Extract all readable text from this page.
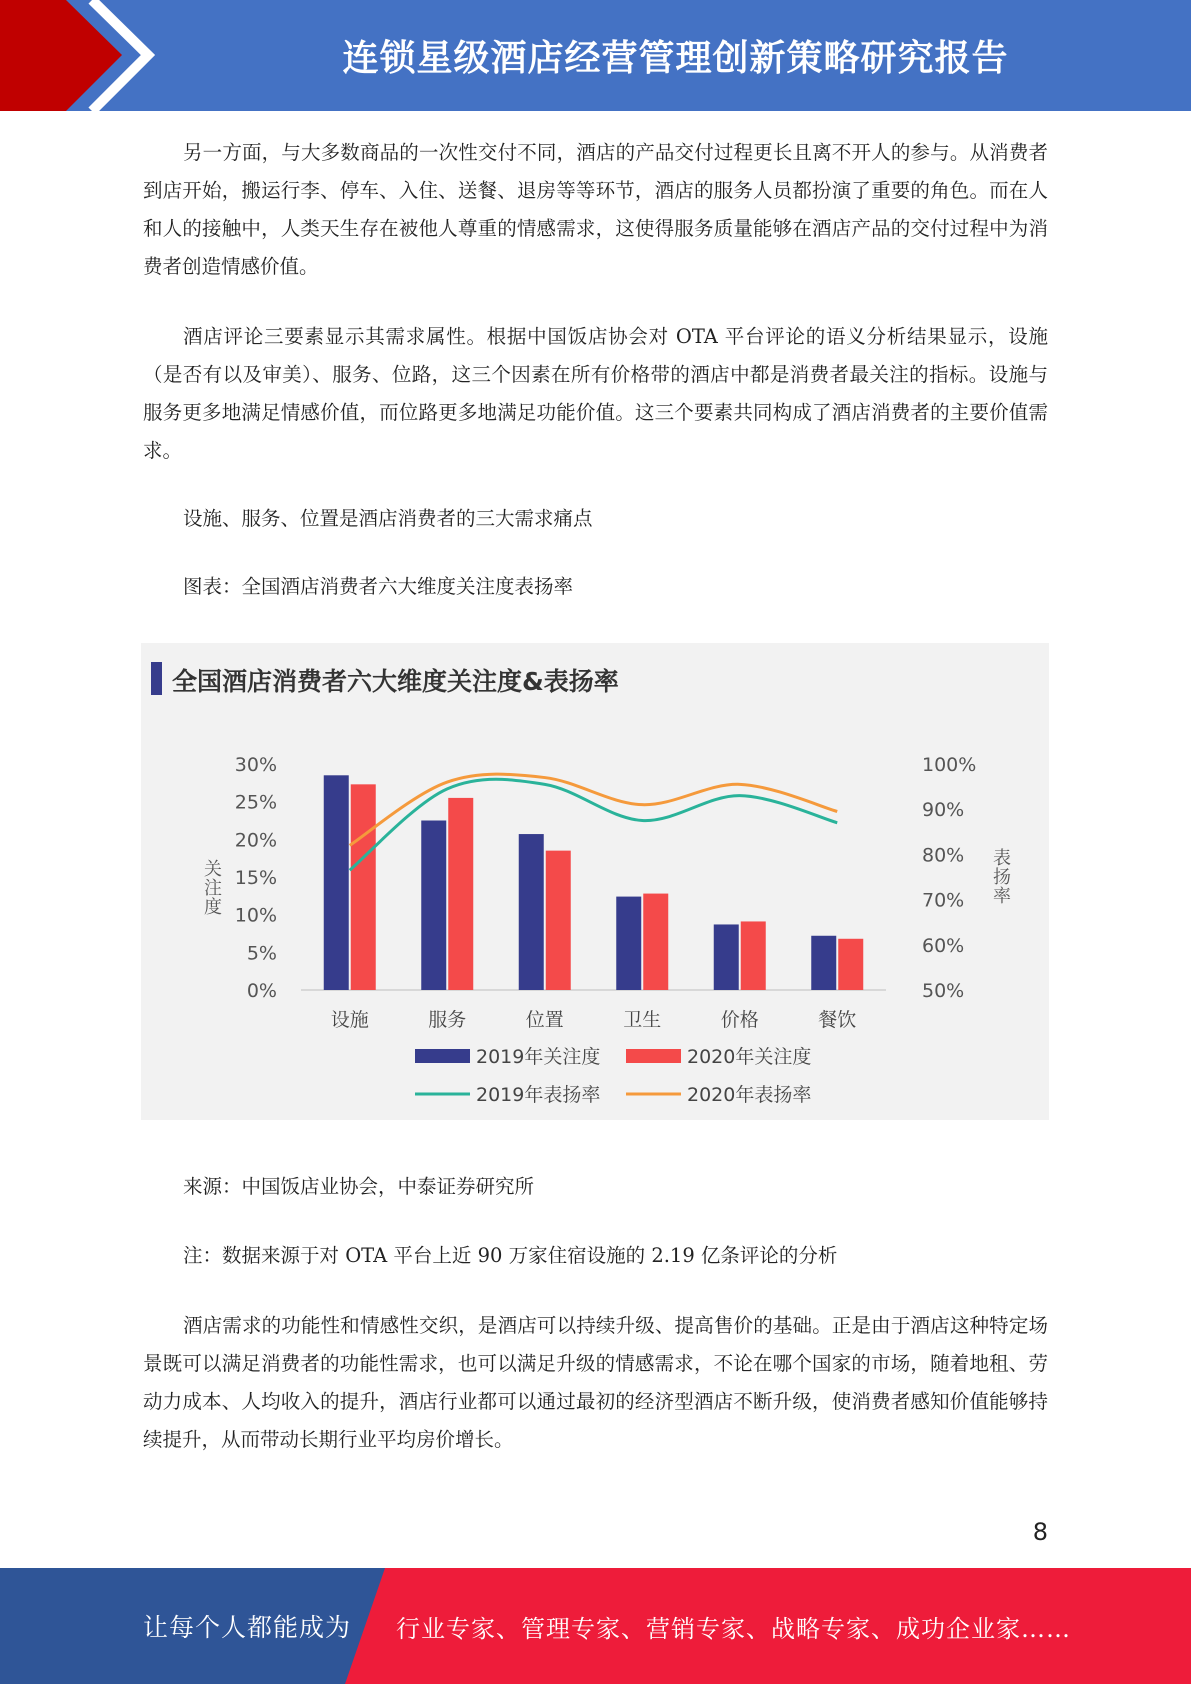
连锁星级酒店经营管理创新策略研究报告

另一方面，与大多数商品的一次性交付不同，酒店的产品交付过程更长且离不开人的参与。从消费者到店开始，搬运行李、停车、入住、送餐、退房等等环节，酒店的服务人员都扮演了重要的角色。而在人和人的接触中，人类天生存在被他人尊重的情感需求，这使得服务质量能够在酒店产品的交付过程中为消费者创造情感价值。

酒店评论三要素显示其需求属性。根据中国饭店协会对 OTA 平台评论的语义分析结果显示，设施（是否有以及审美）、服务、位路，这三个因素在所有价格带的酒店中都是消费者最关注的指标。设施与服务更多地满足情感价值，而位路更多地满足功能价值。这三个要素共同构成了酒店消费者的主要价值需求。

设施、服务、位置是酒店消费者的三大需求痛点

图表：全国酒店消费者六大维度关注度表扬率

全国酒店消费者六大维度关注度&表扬率
0%
5%
10%
15%
20%
25%
30%
50%
60%
70%
80%
90%
100%
设施	服务	位置	卫生	价格	餐饮
关
注
度
表
扬
率
2019年关注度	2020年关注度
2019年表扬率	2020年表扬率

来源：中国饭店业协会，中泰证券研究所

注：数据来源于对 OTA 平台上近 90 万家住宿设施的 2.19 亿条评论的分析

酒店需求的功能性和情感性交织，是酒店可以持续升级、提高售价的基础。正是由于酒店这种特定场景既可以满足消费者的功能性需求，也可以满足升级的情感需求，不论在哪个国家的市场，随着地租、劳动力成本、人均收入的提升，酒店行业都可以通过最初的经济型酒店不断升级，使消费者感知价值能够持续提升，从而带动长期行业平均房价增长。

8
让每个人都能成为 行业专家、管理专家、营销专家、战略专家、成功企业家……
